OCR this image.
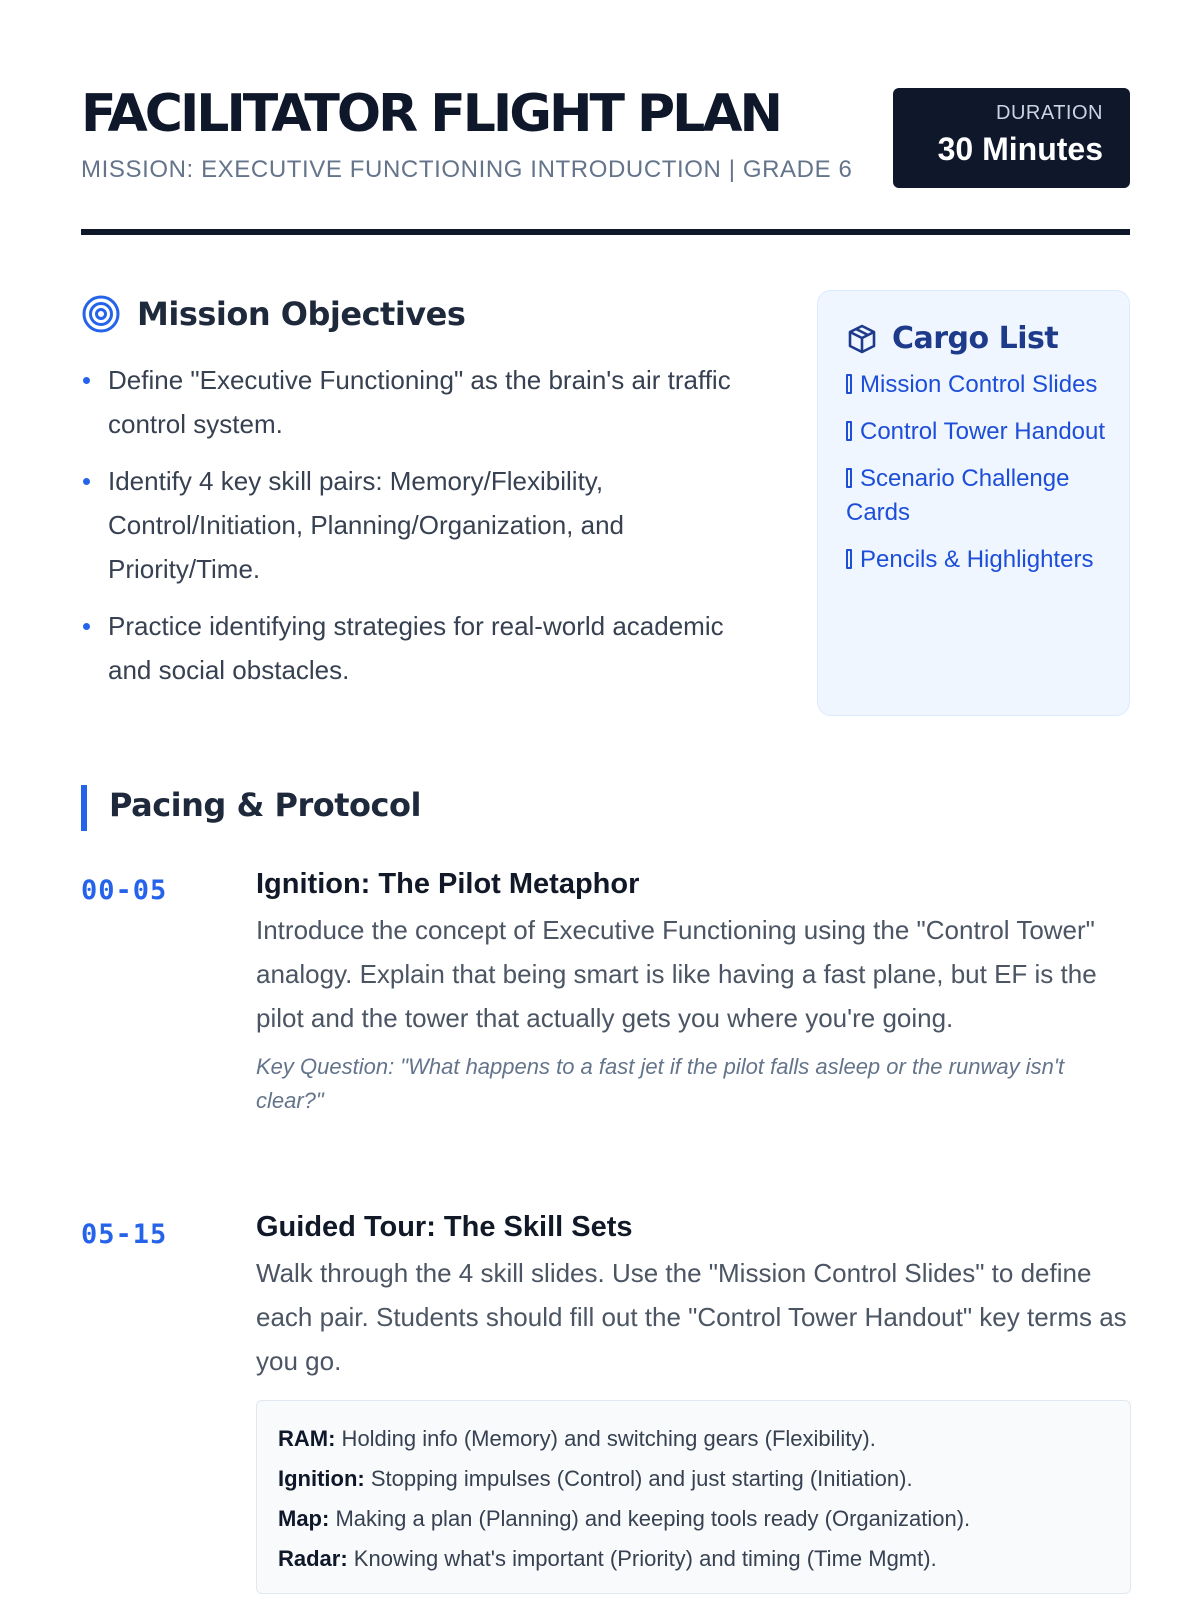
FACILITATOR FLIGHT PLAN
MISSION: EXECUTIVE FUNCTIONING INTRODUCTION | GRADE 6
DURATION
30 Minutes
Mission Objectives
Define "Executive Functioning" as the brain's air traffic control system.
Identify 4 key skill pairs: Memory/Flexibility, Control/Initiation, Planning/Organization, and Priority/Time.
Practice identifying strategies for real-world academic and social obstacles.
Cargo List
Mission Control Slides
Control Tower Handout
Scenario Challenge Cards
Pencils & Highlighters
Pacing & Protocol
00-05	Ignition: The Pilot Metaphor
Introduce the concept of Executive Functioning using the "Control Tower" analogy. Explain that being smart is like having a fast plane, but EF is the pilot and the tower that actually gets you where you're going.
Key Question: "What happens to a fast jet if the pilot falls asleep or the runway isn't clear?"
05-15	Guided Tour: The Skill Sets
Walk through the 4 skill slides. Use the "Mission Control Slides" to define each pair. Students should fill out the "Control Tower Handout" key terms as you go.
RAM: Holding info (Memory) and switching gears (Flexibility).
Ignition: Stopping impulses (Control) and just starting (Initiation).
Map: Making a plan (Planning) and keeping tools ready (Organization).
Radar: Knowing what's important (Priority) and timing (Time Mgmt).
